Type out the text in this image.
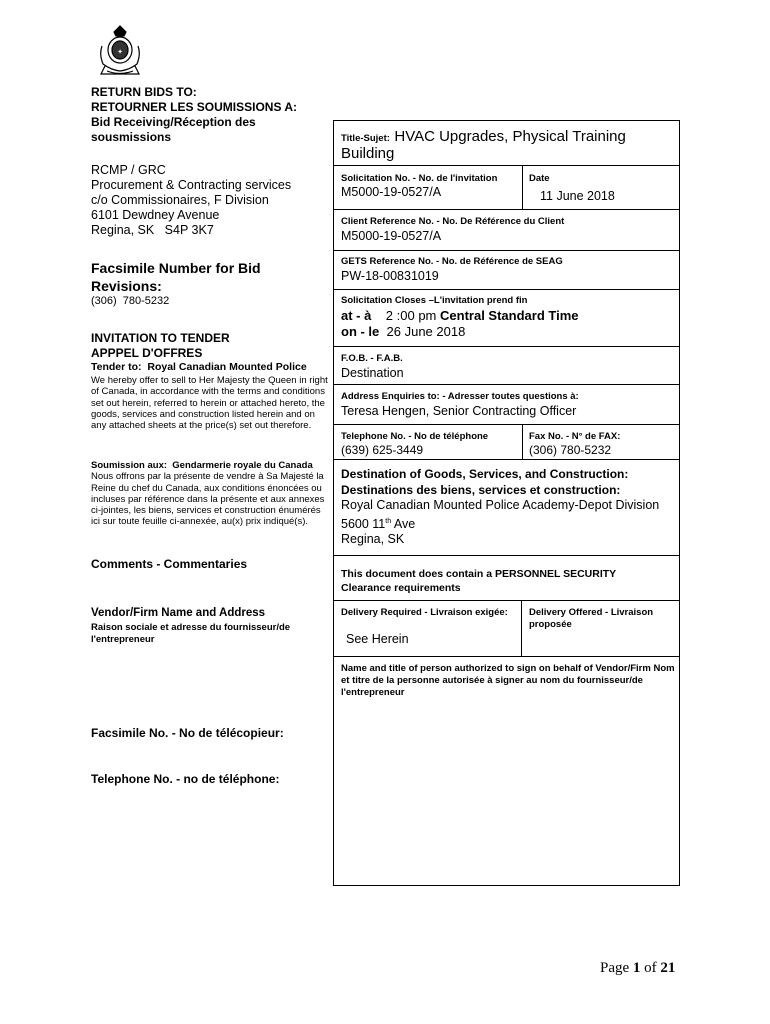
✦
RETURN BIDS TO:
RETOURNER LES SOUMISSIONS A:
Bid Receiving/Réception des
sousmissions
RCMP / GRC
Procurement & Contracting services
c/o Commissionaires, F Division
6101 Dewdney Avenue
Regina, SK   S4P 3K7
Facsimile Number for Bid
Revisions:
(306)  780-5232
INVITATION TO TENDER
APPPEL D'OFFRES
Tender to:  Royal Canadian Mounted Police
We hereby offer to sell to Her Majesty the Queen in right of Canada, in accordance with the terms and conditions set out herein, referred to herein or attached hereto, the goods, services and construction listed herein and on any attached sheets at the price(s) set out therefore.
Soumission aux:  Gendarmerie royale du Canada
Nous offrons par la présente de vendre à Sa Majesté la Reine du chef du Canada, aux conditions énoncées ou incluses par référence dans la présente et aux annexes ci-jointes, les biens, services et construction énumérés ici sur toute feuille ci-annexée, au(x) prix indiqué(s).
Comments - Commentaries
Vendor/Firm Name and Address
Raison sociale et adresse du fournisseur/de l'entrepreneur
Facsimile No. - No de télécopieur:
Telephone No. - no de téléphone:
Title-Sujet: HVAC Upgrades, Physical Training
Building
Solicitation No. - No. de l'invitation
M5000-19-0527/A
Date
11 June 2018
Client Reference No. - No. De Référence du Client
M5000-19-0527/A
GETS Reference No. - No. de Référence de SEAG
PW-18-00831019
Solicitation Closes –L'invitation prend fin
at - à 2 :00 pm Central Standard Time
on - le 26 June 2018
F.O.B. - F.A.B.
Destination
Address Enquiries to: - Adresser toutes questions à:
Teresa Hengen, Senior Contracting Officer
Telephone No. - No de téléphone
(639) 625-3449
Fax No. - N° de FAX:
(306) 780-5232
Destination of Goods, Services, and Construction:
Destinations des biens, services et construction:
Royal Canadian Mounted Police Academy-Depot Division
5600 11th Ave
Regina, SK
This document does contain a PERSONNEL SECURITY Clearance requirements
Delivery Required - Livraison exigée:
See Herein
Delivery Offered - Livraison proposée
Name and title of person authorized to sign on behalf of Vendor/Firm Nom et titre de la personne autorisée à signer au nom du fournisseur/de l'entrepreneur
Page 1 of 21
